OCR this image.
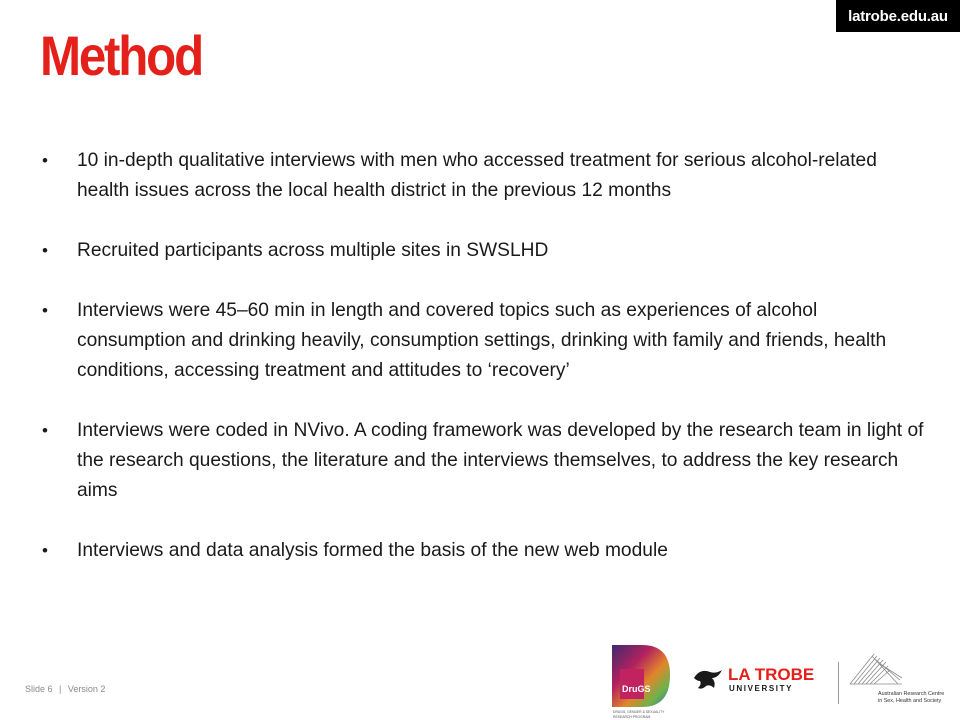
latrobe.edu.au
Method
• 10 in-depth qualitative interviews with men who accessed treatment for serious alcohol-related health issues across the local health district in the previous 12 months
• Recruited participants across multiple sites in SWSLHD
• Interviews were 45–60 min in length and covered topics such as experiences of alcohol consumption and drinking heavily, consumption settings, drinking with family and friends, health conditions, accessing treatment and attitudes to ‘recovery’
• Interviews were coded in NVivo. A coding framework was developed by the research team in light of the research questions, the literature and the interviews themselves, to address the key research aims
• Interviews and data analysis formed the basis of the new web module
Slide 6 | Version 2	DruGS
DRUGS, GENDER & SEXUALITY
RESEARCH PROGRAM
LA TROBE
UNIVERSITY
Australian Research Centre
in Sex, Health and Society
